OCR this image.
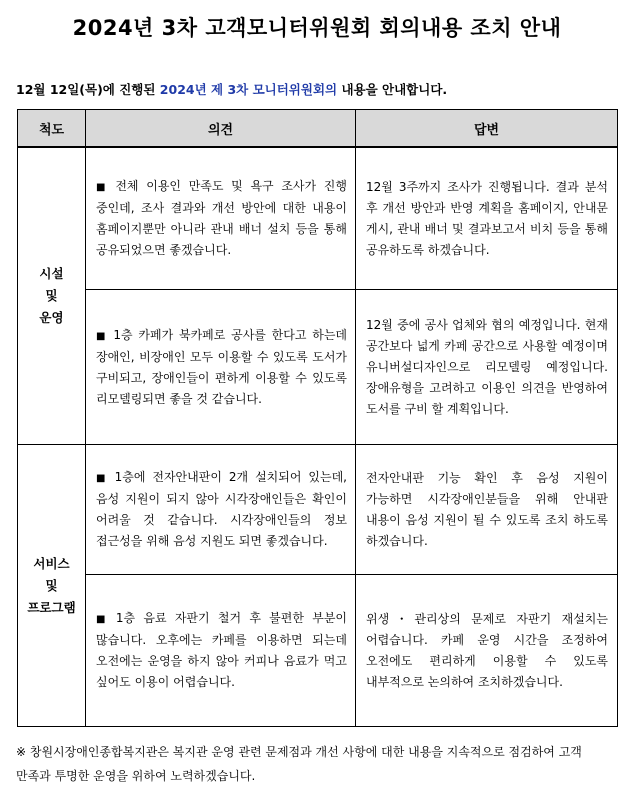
2024년 3차 고객모니터위원회 회의내용 조치 안내
12월 12일(목)에 진행된 2024년 제 3차 모니터위원회의 내용을 안내합니다.
척도	의견	답변

시설
및
운영	■ 전체 이용인 만족도 및 욕구 조사가 진행 중인데, 조사 결과와 개선 방안에 대한 내용이 홈페이지뿐만 아니라 관내 배너 설치 등을 통해 공유되었으면 좋겠습니다.	12월 3주까지 조사가 진행됩니다. 결과 분석 후 개선 방안과 반영 계획을 홈페이지, 안내문 게시, 관내 배너 및 결과보고서 비치 등을 통해 공유하도록 하겠습니다.
	■ 1층 카페가 북카페로 공사를 한다고 하는데 장애인, 비장애인 모두 이용할 수 있도록 도서가 구비되고, 장애인들이 편하게 이용할 수 있도록 리모델링되면 좋을 것 같습니다.	12월 중에 공사 업체와 협의 예정입니다. 현재 공간보다 넓게 카페 공간으로 사용할 예정이며 유니버설디자인으로 리모델링 예정입니다. 장애유형을 고려하고 이용인 의견을 반영하여 도서를 구비 할 계획입니다.

서비스
및
프로그램	■ 1층에 전자안내판이 2개 설치되어 있는데, 음성 지원이 되지 않아 시각장애인들은 확인이 어려울 것 같습니다. 시각장애인들의 정보 접근성을 위해 음성 지원도 되면 좋겠습니다.	전자안내판 기능 확인 후 음성 지원이 가능하면 시각장애인분들을 위해 안내판 내용이 음성 지원이 될 수 있도록 조치 하도록 하겠습니다.
	■ 1층 음료 자판기 철거 후 불편한 부분이 많습니다. 오후에는 카페를 이용하면 되는데 오전에는 운영을 하지 않아 커피나 음료가 먹고 싶어도 이용이 어렵습니다.	위생・관리상의 문제로 자판기 재설치는 어렵습니다. 카페 운영 시간을 조정하여 오전에도 편리하게 이용할 수 있도록 내부적으로 논의하여 조치하겠습니다.
※ 창원시장애인종합복지관은 복지관 운영 관련 문제점과 개선 사항에 대한 내용을 지속적으로 점검하여 고객 만족과 투명한 운영을 위하여 노력하겠습니다.
